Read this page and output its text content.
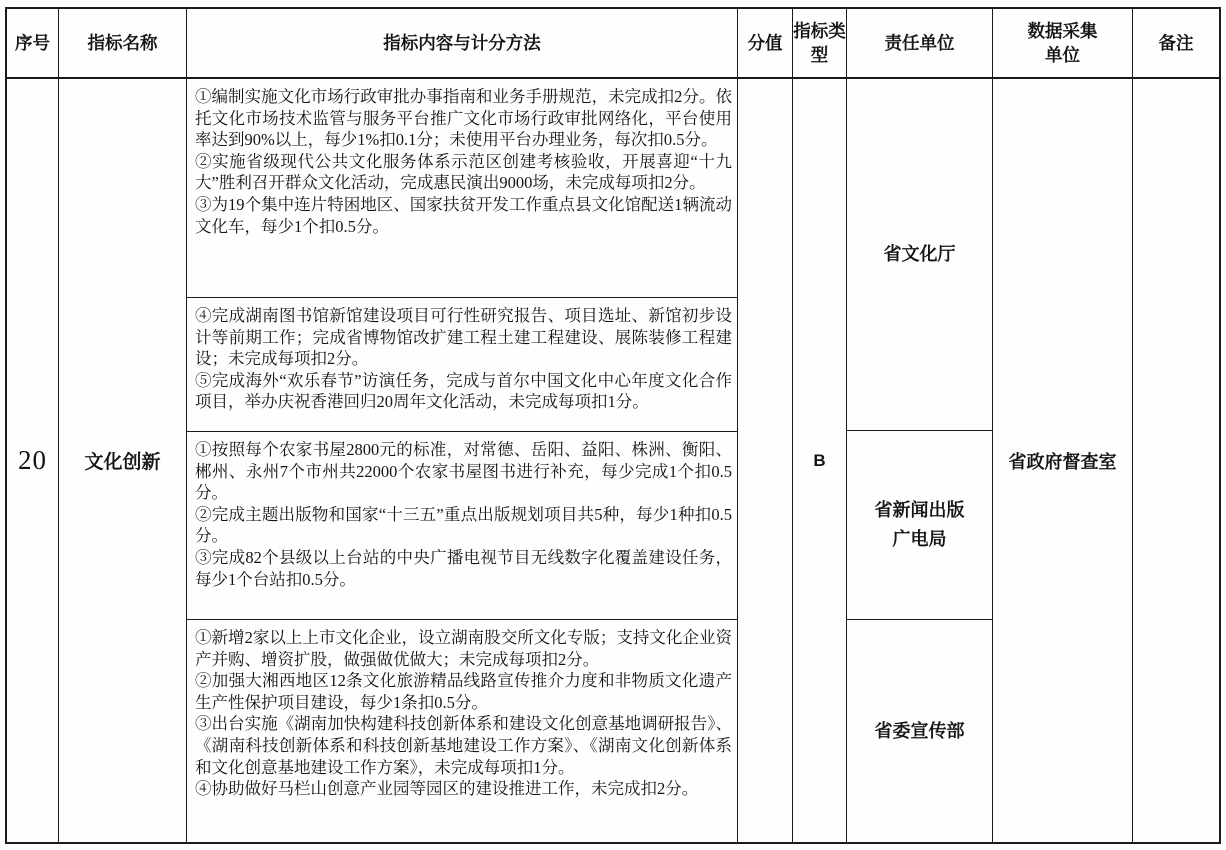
序号 指标名称	指标内容与计分方法	分值
指标类型
责任单位
数据采集单位
备注
20 文化创新

①编制实施文化市场行政审批办事指南和业务手册规范，未完成扣2分。依托文化市场技术监管与服务平台推广文化市场行政审批网络化，平台使用率达到90%以上，每少1%扣0.1分；未使用平台办理业务，每次扣0.5分。

②实施省级现代公共文化服务体系示范区创建考核验收，开展喜迎“十九大”胜利召开群众文化活动，完成惠民演出9000场，未完成每项扣2分。

③为19个集中连片特困地区、国家扶贫开发工作重点县文化馆配送1辆流动文化车，每少1个扣0.5分。

④完成湖南图书馆新馆建设项目可行性研究报告、项目选址、新馆初步设计等前期工作；完成省博物馆改扩建工程土建工程建设、展陈装修工程建设；未完成每项扣2分。

⑤完成海外“欢乐春节”访演任务，完成与首尔中国文化中心年度文化合作项目，举办庆祝香港回归20周年文化活动，未完成每项扣1分。

①按照每个农家书屋2800元的标准，对常德、岳阳、益阳、株洲、衡阳、郴州、永州7个市州共22000个农家书屋图书进行补充，每少完成1个扣0.5分。

②完成主题出版物和国家“十三五”重点出版规划项目共5种，每少1种扣0.5分。

③完成82个县级以上台站的中央广播电视节目无线数字化覆盖建设任务，每少1个台站扣0.5分。

①新增2家以上上市文化企业，设立湖南股交所文化专版；支持文化企业资产并购、增资扩股，做强做优做大；未完成每项扣2分。

②加强大湘西地区12条文化旅游精品线路宣传推介力度和非物质文化遗产生产性保护项目建设，每少1条扣0.5分。

③出台实施《湖南加快构建科技创新体系和建设文化创意基地调研报告》、《湖南科技创新体系和科技创新基地建设工作方案》、《湖南文化创新体系和文化创意基地建设工作方案》，未完成每项扣1分。

④协助做好马栏山创意产业园等园区的建设推进工作，未完成扣2分。

B
省文化厅
省新闻出版广电局
省委宣传部
省政府督查室
